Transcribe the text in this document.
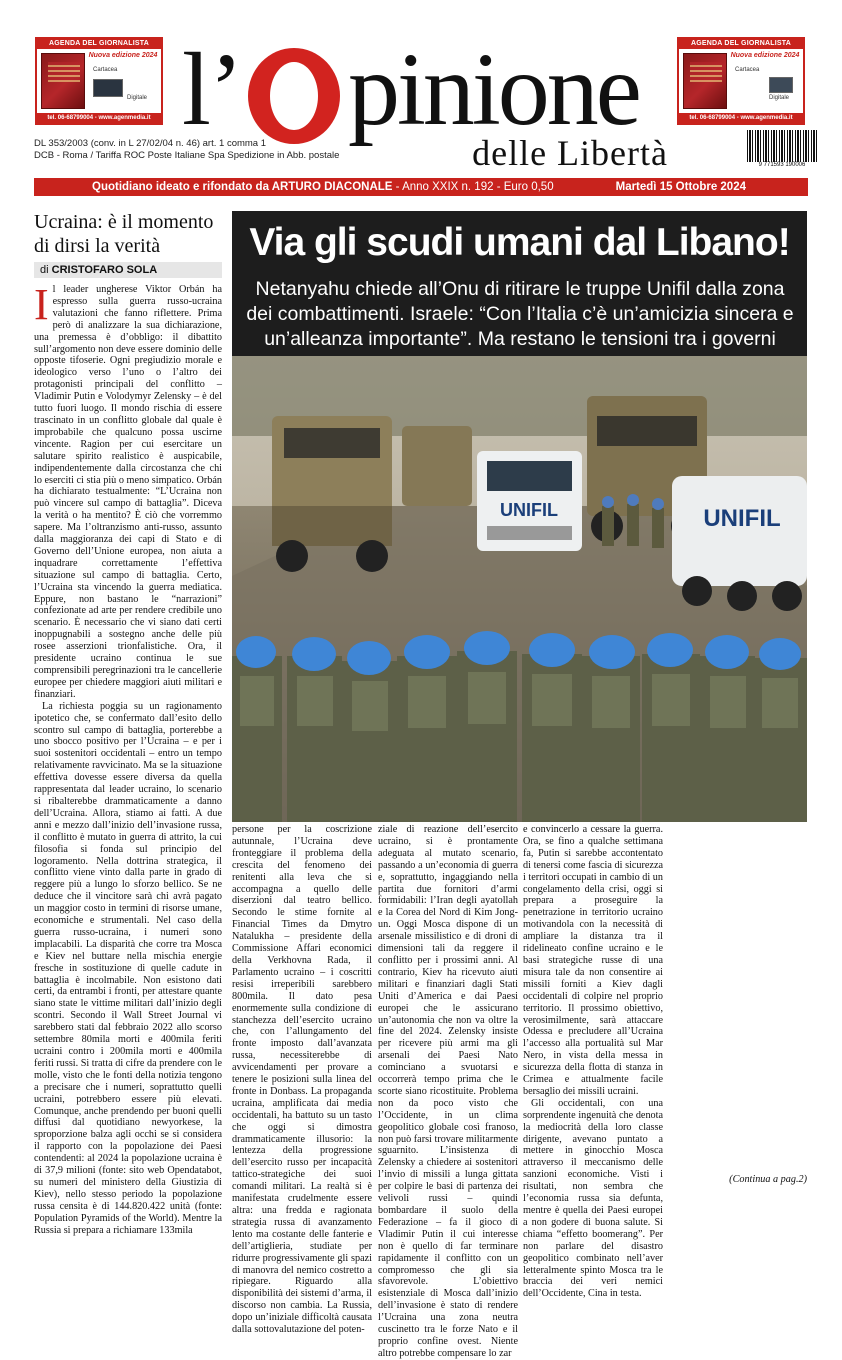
AGENDA DEL GIORNALISTA
Nuova edizione 2024
Cartacea
Digitale
tel. 06-68799004 - www.agenmedia.it
AGENDA DEL GIORNALISTA
Nuova edizione 2024
Cartacea
Digitale
tel. 06-68799004 - www.agenmedia.it
l’ pinione
delle Libertà
DL 353/2003 (conv. in L 27/02/04 n. 46) art. 1 comma 1
DCB - Roma / Tariffa ROC Poste Italiane Spa Spedizione in Abb. postale
9 771593 190006
Quotidiano ideato e rifondato da ARTURO DIACONALE - Anno XXIX n. 192 - Euro 0,50	Martedì 15 Ottobre 2024
Ucraina: è il momento di dirsi la verità
di CRISTOFARO SOLA

Il leader ungherese Viktor Orbán ha espresso sulla guerra russo-ucraina valutazioni che fanno riflettere. Prima però di analizzare la sua dichiarazione, una premessa è d’obbligo: il dibattito sull’argomento non deve essere dominio delle opposte tifoserie. Ogni pregiudizio morale e ideologico verso l’uno o l’altro dei protagonisti principali del conflitto – Vladimir Putin e Volodymyr Zelensky – è del tutto fuori luogo. Il mondo rischia di essere trascinato in un conflitto globale dal quale è improbabile che qualcuno possa uscirne vincente. Ragion per cui esercitare un salutare spirito realistico è auspicabile, indipendentemente dalla circostanza che chi lo eserciti ci stia più o meno simpatico. Orbán ha dichiarato testualmente: “L’Ucraina non può vincere sul campo di battaglia”. Diceva la verità o ha mentito? È ciò che vorremmo sapere. Ma l’oltranzismo anti-russo, assunto dalla maggioranza dei capi di Stato e di Governo dell’Unione europea, non aiuta a inquadrare correttamente l’effettiva situazione sul campo di battaglia. Certo, l’Ucraina sta vincendo la guerra mediatica. Eppure, non bastano le “narrazioni” confezionate ad arte per rendere credibile uno scenario. È necessario che vi siano dati certi inoppugnabili a sostegno anche delle più rosee asserzioni trionfalistiche. Ora, il presidente ucraino continua le sue comprensibili peregrinazioni tra le cancellerie europee per chiedere maggiori aiuti militari e finanziari.

La richiesta poggia su un ragionamento ipotetico che, se confermato dall’esito dello scontro sul campo di battaglia, porterebbe a uno sbocco positivo per l’Ucraina – e per i suoi sostenitori occidentali – entro un tempo relativamente ravvicinato. Ma se la situazione effettiva dovesse essere diversa da quella rappresentata dal leader ucraino, lo scenario si ribalterebbe drammaticamente a danno dell’Ucraina. Allora, stiamo ai fatti. A due anni e mezzo dall’inizio dell’invasione russa, il conflitto è mutato in guerra di attrito, la cui filosofia si fonda sul principio del logoramento. Nella dottrina strategica, il conflitto viene vinto dalla parte in grado di reggere più a lungo lo sforzo bellico. Se ne deduce che il vincitore sarà chi avrà pagato un maggior costo in termini di risorse umane, economiche e strumentali. Nel caso della guerra russo-ucraina, i numeri sono implacabili. La disparità che corre tra Mosca e Kiev nel buttare nella mischia energie fresche in sostituzione di quelle cadute in battaglia è incolmabile. Non esistono dati certi, da entrambi i fronti, per attestare quante siano state le vittime militari dall’inizio degli scontri. Secondo il Wall Street Journal vi sarebbero stati dal febbraio 2022 allo scorso settembre 80mila morti e 400mila feriti ucraini contro i 200mila morti e 400mila feriti russi. Si tratta di cifre da prendere con le molle, visto che le fonti della notizia tengono a precisare che i numeri, soprattutto quelli ucraini, potrebbero essere più elevati. Comunque, anche prendendo per buoni quelli diffusi dal quotidiano newyorkese, la sproporzione balza agli occhi se si considera il rapporto con la popolazione dei Paesi contendenti: al 2024 la popolazione ucraina è di 37,9 milioni (fonte: sito web Opendatabot, su numeri del ministero della Giustizia di Kiev), nello stesso periodo la popolazione russa censita è di 144.820.422 unità (fonte: Population Pyramids of the World). Mentre la Russia si prepara a richiamare 133mila

Via gli scudi umani dal Libano!
Netanyahu chiede all’Onu di ritirare le truppe Unifil dalla zona dei combattimenti. Israele: “Con l’Italia c’è un’amicizia sincera e un’alleanza importante”. Ma restano le tensioni tra i governi
UNIFIL	UNIFIL

persone per la coscrizione autunnale, l’Ucraina deve fronteggiare il problema della crescita del fenomeno dei renitenti alla leva che si accompagna a quello delle diserzioni dal teatro bellico. Secondo le stime fornite al Financial Times da Dmytro Natalukha – presidente della Commissione Affari economici della Verkhovna Rada, il Parlamento ucraino – i coscritti resisi irreperibili sarebbero 800mila. Il dato pesa enormemente sulla condizione di stanchezza dell’esercito ucraino che, con l’allungamento del fronte imposto dall’avanzata russa, necessiterebbe di avvicendamenti per provare a tenere le posizioni sulla linea del fronte in Donbass. La propaganda ucraina, amplificata dai media occidentali, ha battuto su un tasto che oggi si dimostra drammaticamente illusorio: la lentezza della progressione dell’esercito russo per incapacità tattico-strategiche dei suoi comandi militari. La realtà si è manifestata crudelmente essere altra: una fredda e ragionata strategia russa di avanzamento lento ma costante delle fanterie e dell’artiglieria, studiate per ridurre progressivamente gli spazi di manovra del nemico costretto a ripiegare. Riguardo alla disponibilità dei sistemi d’arma, il discorso non cambia. La Russia, dopo un’iniziale difficoltà causata dalla sottovalutazione del poten-

ziale di reazione dell’esercito ucraino, si è prontamente adeguata al mutato scenario, passando a un’economia di guerra e, soprattutto, ingaggiando nella partita due fornitori d’armi formidabili: l’Iran degli ayatollah e la Corea del Nord di Kim Jong-un. Oggi Mosca dispone di un arsenale missilistico e di droni di dimensioni tali da reggere il conflitto per i prossimi anni. Al contrario, Kiev ha ricevuto aiuti militari e finanziari dagli Stati Uniti d’America e dai Paesi europei che le assicurano un’autonomia che non va oltre la fine del 2024. Zelensky insiste per ricevere più armi ma gli arsenali dei Paesi Nato cominciano a svuotarsi e occorrerà tempo prima che le scorte siano ricostituite. Problema non da poco visto che l’Occidente, in un clima geopolitico globale così franoso, non può farsi trovare militarmente sguarnito. L’insistenza di Zelensky a chiedere ai sostenitori l’invio di missili a lunga gittata per colpire le basi di partenza dei velivoli russi – quindi bombardare il suolo della Federazione – fa il gioco di Vladimir Putin il cui interesse non è quello di far terminare rapidamente il conflitto con un compromesso che gli sia sfavorevole. L’obiettivo esistenziale di Mosca dall’inizio dell’invasione è stato di rendere l’Ucraina una zona neutra cuscinetto tra le forze Nato e il proprio confine ovest. Niente altro potrebbe compensare lo zar

e convincerlo a cessare la guerra. Ora, se fino a qualche settimana fa, Putin si sarebbe accontentato di tenersi come fascia di sicurezza i territori occupati in cambio di un congelamento della crisi, oggi si prepara a proseguire la penetrazione in territorio ucraino motivandola con la necessità di ampliare la distanza tra il ridelineato confine ucraino e le basi strategiche russe di una misura tale da non consentire ai missili forniti a Kiev dagli occidentali di colpire nel proprio territorio. Il prossimo obiettivo, verosimilmente, sarà attaccare Odessa e precludere all’Ucraina l’accesso alla portualità sul Mar Nero, in vista della messa in sicurezza della flotta di stanza in Crimea e attualmente facile bersaglio dei missili ucraini.

Gli occidentali, con una sorprendente ingenuità che denota la mediocrità della loro classe dirigente, avevano puntato a mettere in ginocchio Mosca attraverso il meccanismo delle sanzioni economiche. Visti i risultati, non sembra che l’economia russa sia defunta, mentre è quella dei Paesi europei a non godere di buona salute. Si chiama “effetto boomerang”. Per non parlare del disastro geopolitico combinato nell’aver letteralmente spinto Mosca tra le braccia dei veri nemici dell’Occidente, Cina in testa.

(Continua a pag.2)
